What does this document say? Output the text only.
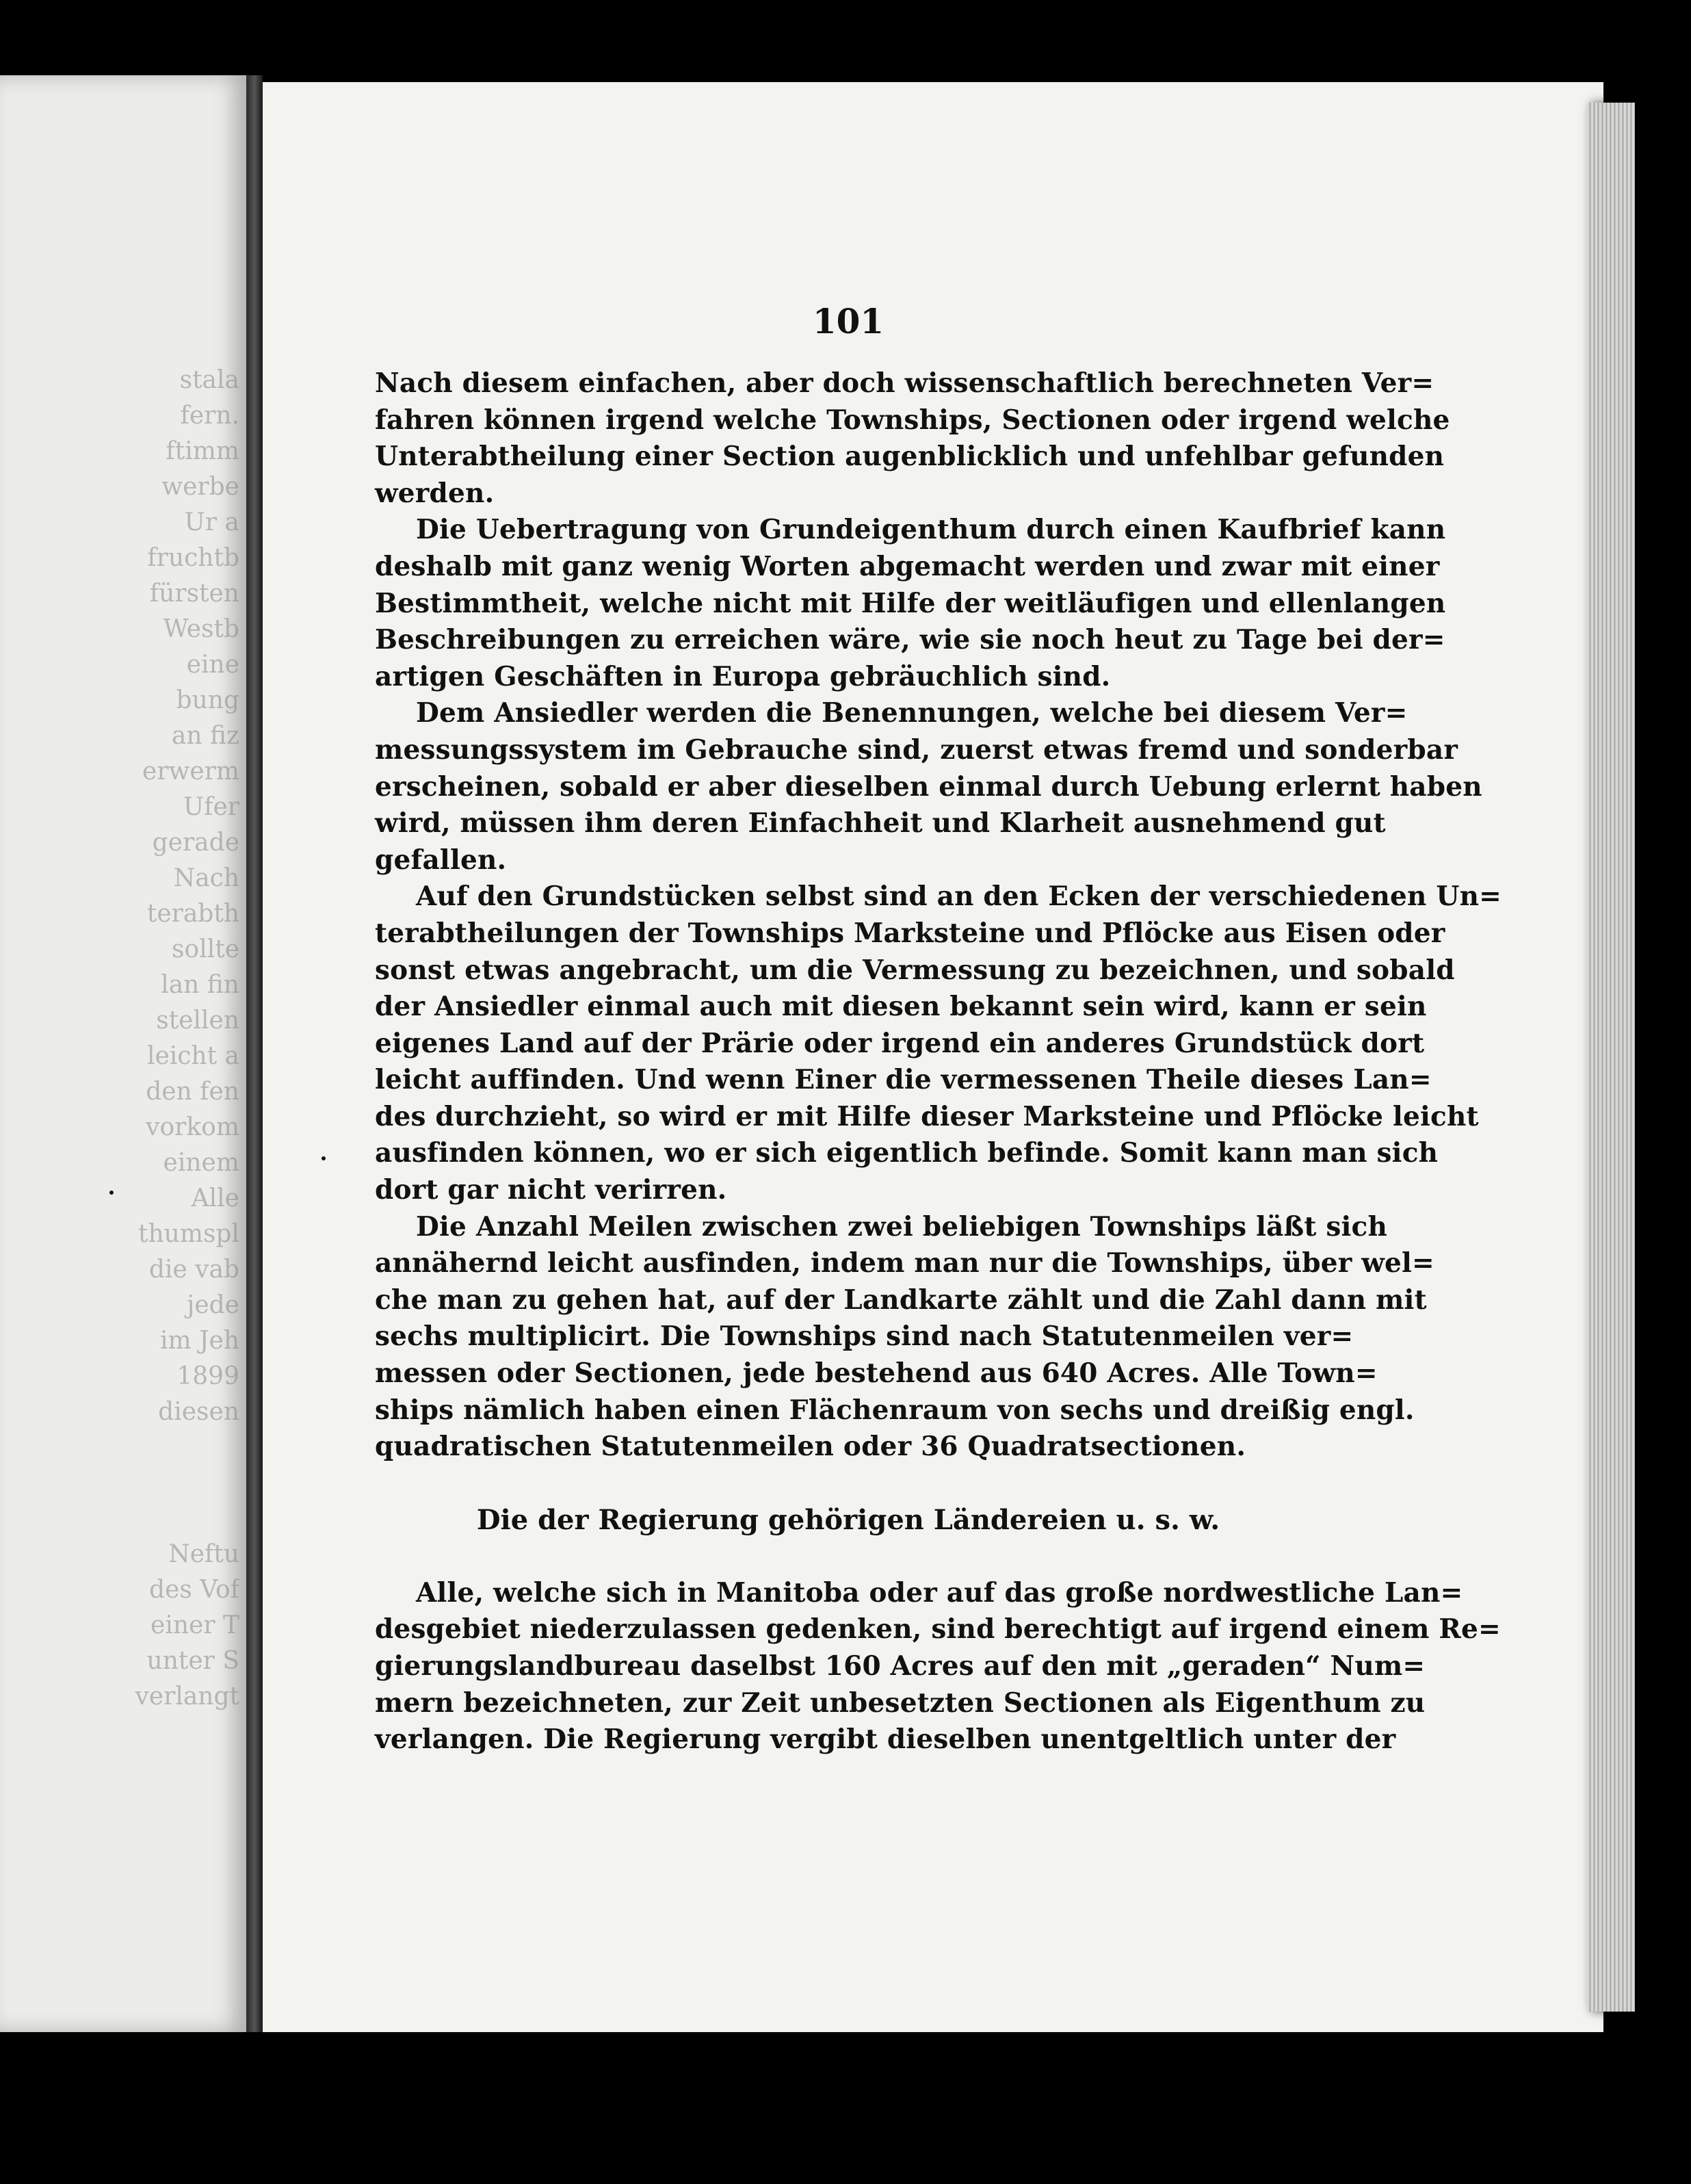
stala
fern.
ftimm
werbe
Ur a
fruchtb
fürsten
Westb
eine
bung
an fiz
erwerm
Ufer
gerade
Nach
terabth
sollte
lan fin
stellen
leicht a
den fen
vorkom
einem
Alle
thumspl
die vab
jede
im Jeh
1899
diesen

Neftu
des Vof
einer T
unter S
verlangt
101
Nach diesem einfachen, aber doch wissenschaftlich berechneten Ver=
fahren können irgend welche Townships, Sectionen oder irgend welche
Unterabtheilung einer Section augenblicklich und unfehlbar gefunden
werden.
Die Uebertragung von Grundeigenthum durch einen Kaufbrief kann
deshalb mit ganz wenig Worten abgemacht werden und zwar mit einer
Bestimmtheit, welche nicht mit Hilfe der weitläufigen und ellenlangen
Beschreibungen zu erreichen wäre, wie sie noch heut zu Tage bei der=
artigen Geschäften in Europa gebräuchlich sind.
Dem Ansiedler werden die Benennungen, welche bei diesem Ver=
messungssystem im Gebrauche sind, zuerst etwas fremd und sonderbar
erscheinen, sobald er aber dieselben einmal durch Uebung erlernt haben
wird, müssen ihm deren Einfachheit und Klarheit ausnehmend gut
gefallen.
Auf den Grundstücken selbst sind an den Ecken der verschiedenen Un=
terabtheilungen der Townships Marksteine und Pflöcke aus Eisen oder
sonst etwas angebracht, um die Vermessung zu bezeichnen, und sobald
der Ansiedler einmal auch mit diesen bekannt sein wird, kann er sein
eigenes Land auf der Prärie oder irgend ein anderes Grundstück dort
leicht auffinden. Und wenn Einer die vermessenen Theile dieses Lan=
des durchzieht, so wird er mit Hilfe dieser Marksteine und Pflöcke leicht
ausfinden können, wo er sich eigentlich befinde. Somit kann man sich
dort gar nicht verirren.
Die Anzahl Meilen zwischen zwei beliebigen Townships läßt sich
annähernd leicht ausfinden, indem man nur die Townships, über wel=
che man zu gehen hat, auf der Landkarte zählt und die Zahl dann mit
sechs multiplicirt. Die Townships sind nach Statutenmeilen ver=
messen oder Sectionen, jede bestehend aus 640 Acres. Alle Town=
ships nämlich haben einen Flächenraum von sechs und dreißig engl.
quadratischen Statutenmeilen oder 36 Quadratsectionen.
Die der Regierung gehörigen Ländereien u. s. w.
Alle, welche sich in Manitoba oder auf das große nordwestliche Lan=
desgebiet niederzulassen gedenken, sind berechtigt auf irgend einem Re=
gierungslandbureau daselbst 160 Acres auf den mit „geraden“ Num=
mern bezeichneten, zur Zeit unbesetzten Sectionen als Eigenthum zu
verlangen. Die Regierung vergibt dieselben unentgeltlich unter der
